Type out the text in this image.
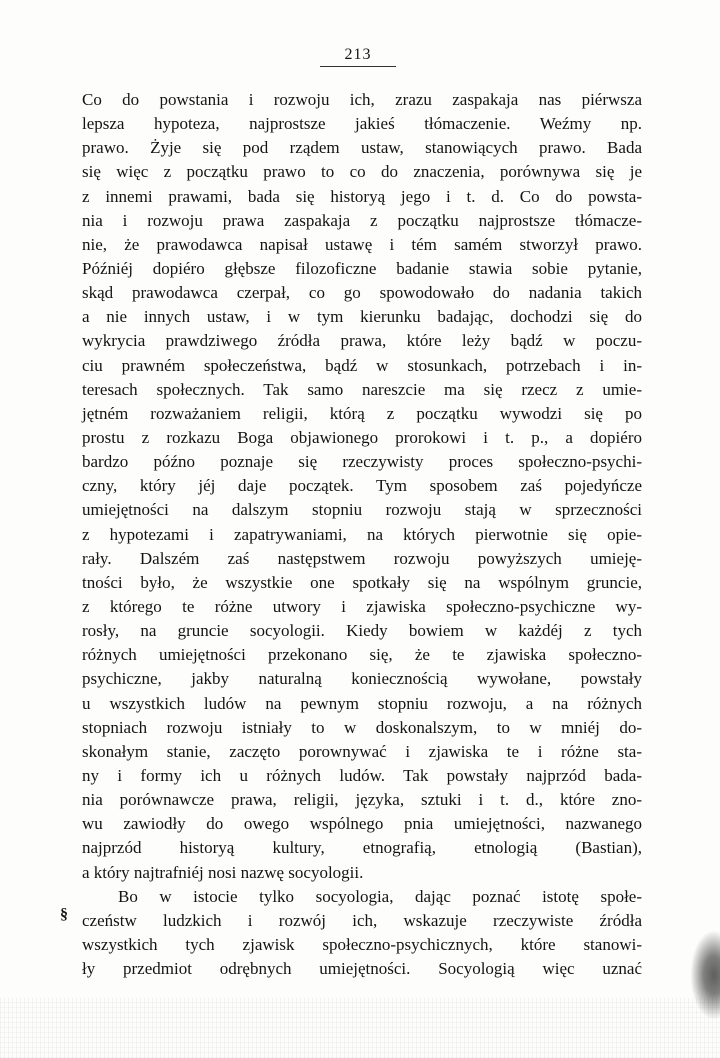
213
Co do powstania i rozwoju ich, zrazu zaspakaja nas piérwsza
lepsza hypoteza, najprostsze jakieś tłómaczenie. Weźmy np.
prawo. Żyje się pod rządem ustaw, stanowiących prawo. Bada
się więc z początku prawo to co do znaczenia, porównywa się je
z innemi prawami, bada się historyą jego i t. d. Co do powsta-
nia i rozwoju prawa zaspakaja z początku najprostsze tłómacze-
nie, że prawodawca napisał ustawę i tém samém stworzył prawo.
Późniéj dopiéro głębsze filozoficzne badanie stawia sobie pytanie,
skąd prawodawca czerpał, co go spowodowało do nadania takich
a nie innych ustaw, i w tym kierunku badając, dochodzi się do
wykrycia prawdziwego źródła prawa, które leży bądź w poczu-
ciu prawném społeczeństwa, bądź w stosunkach, potrzebach i in-
teresach społecznych. Tak samo nareszcie ma się rzecz z umie-
jętném rozważaniem religii, którą z początku wywodzi się po
prostu z rozkazu Boga objawionego prorokowi i t. p., a dopiéro
bardzo późno poznaje się rzeczywisty proces społeczno-psychi-
czny, który jéj daje początek. Tym sposobem zaś pojedyńcze
umiejętności na dalszym stopniu rozwoju stają w sprzeczności
z hypotezami i zapatrywaniami, na których pierwotnie się opie-
rały. Dalszém zaś następstwem rozwoju powyższych umieję-
tności było, że wszystkie one spotkały się na wspólnym gruncie,
z którego te różne utwory i zjawiska społeczno-psychiczne wy-
rosły, na gruncie socyologii. Kiedy bowiem w każdéj z tych
różnych umiejętności przekonano się, że te zjawiska społeczno-
psychiczne, jakby naturalną koniecznością wywołane, powstały
u wszystkich ludów na pewnym stopniu rozwoju, a na różnych
stopniach rozwoju istniały to w doskonalszym, to w mniéj do-
skonałym stanie, zaczęto porownywać i zjawiska te i różne sta-
ny i formy ich u różnych ludów. Tak powstały najprzód bada-
nia porównawcze prawa, religii, języka, sztuki i t. d., które zno-
wu zawiodły do owego wspólnego pnia umiejętności, nazwanego
najprzód historyą kultury, etnografią, etnologią (Bastian),
a który najtrafniéj nosi nazwę socyologii.
Bo w istocie tylko socyologia, dając poznać istotę społe-
czeństw ludzkich i rozwój ich, wskazuje rzeczywiste źródła
wszystkich tych zjawisk społeczno-psychicznych, które stanowi-
ły przedmiot odrębnych umiejętności. Socyologią więc uznać
§
